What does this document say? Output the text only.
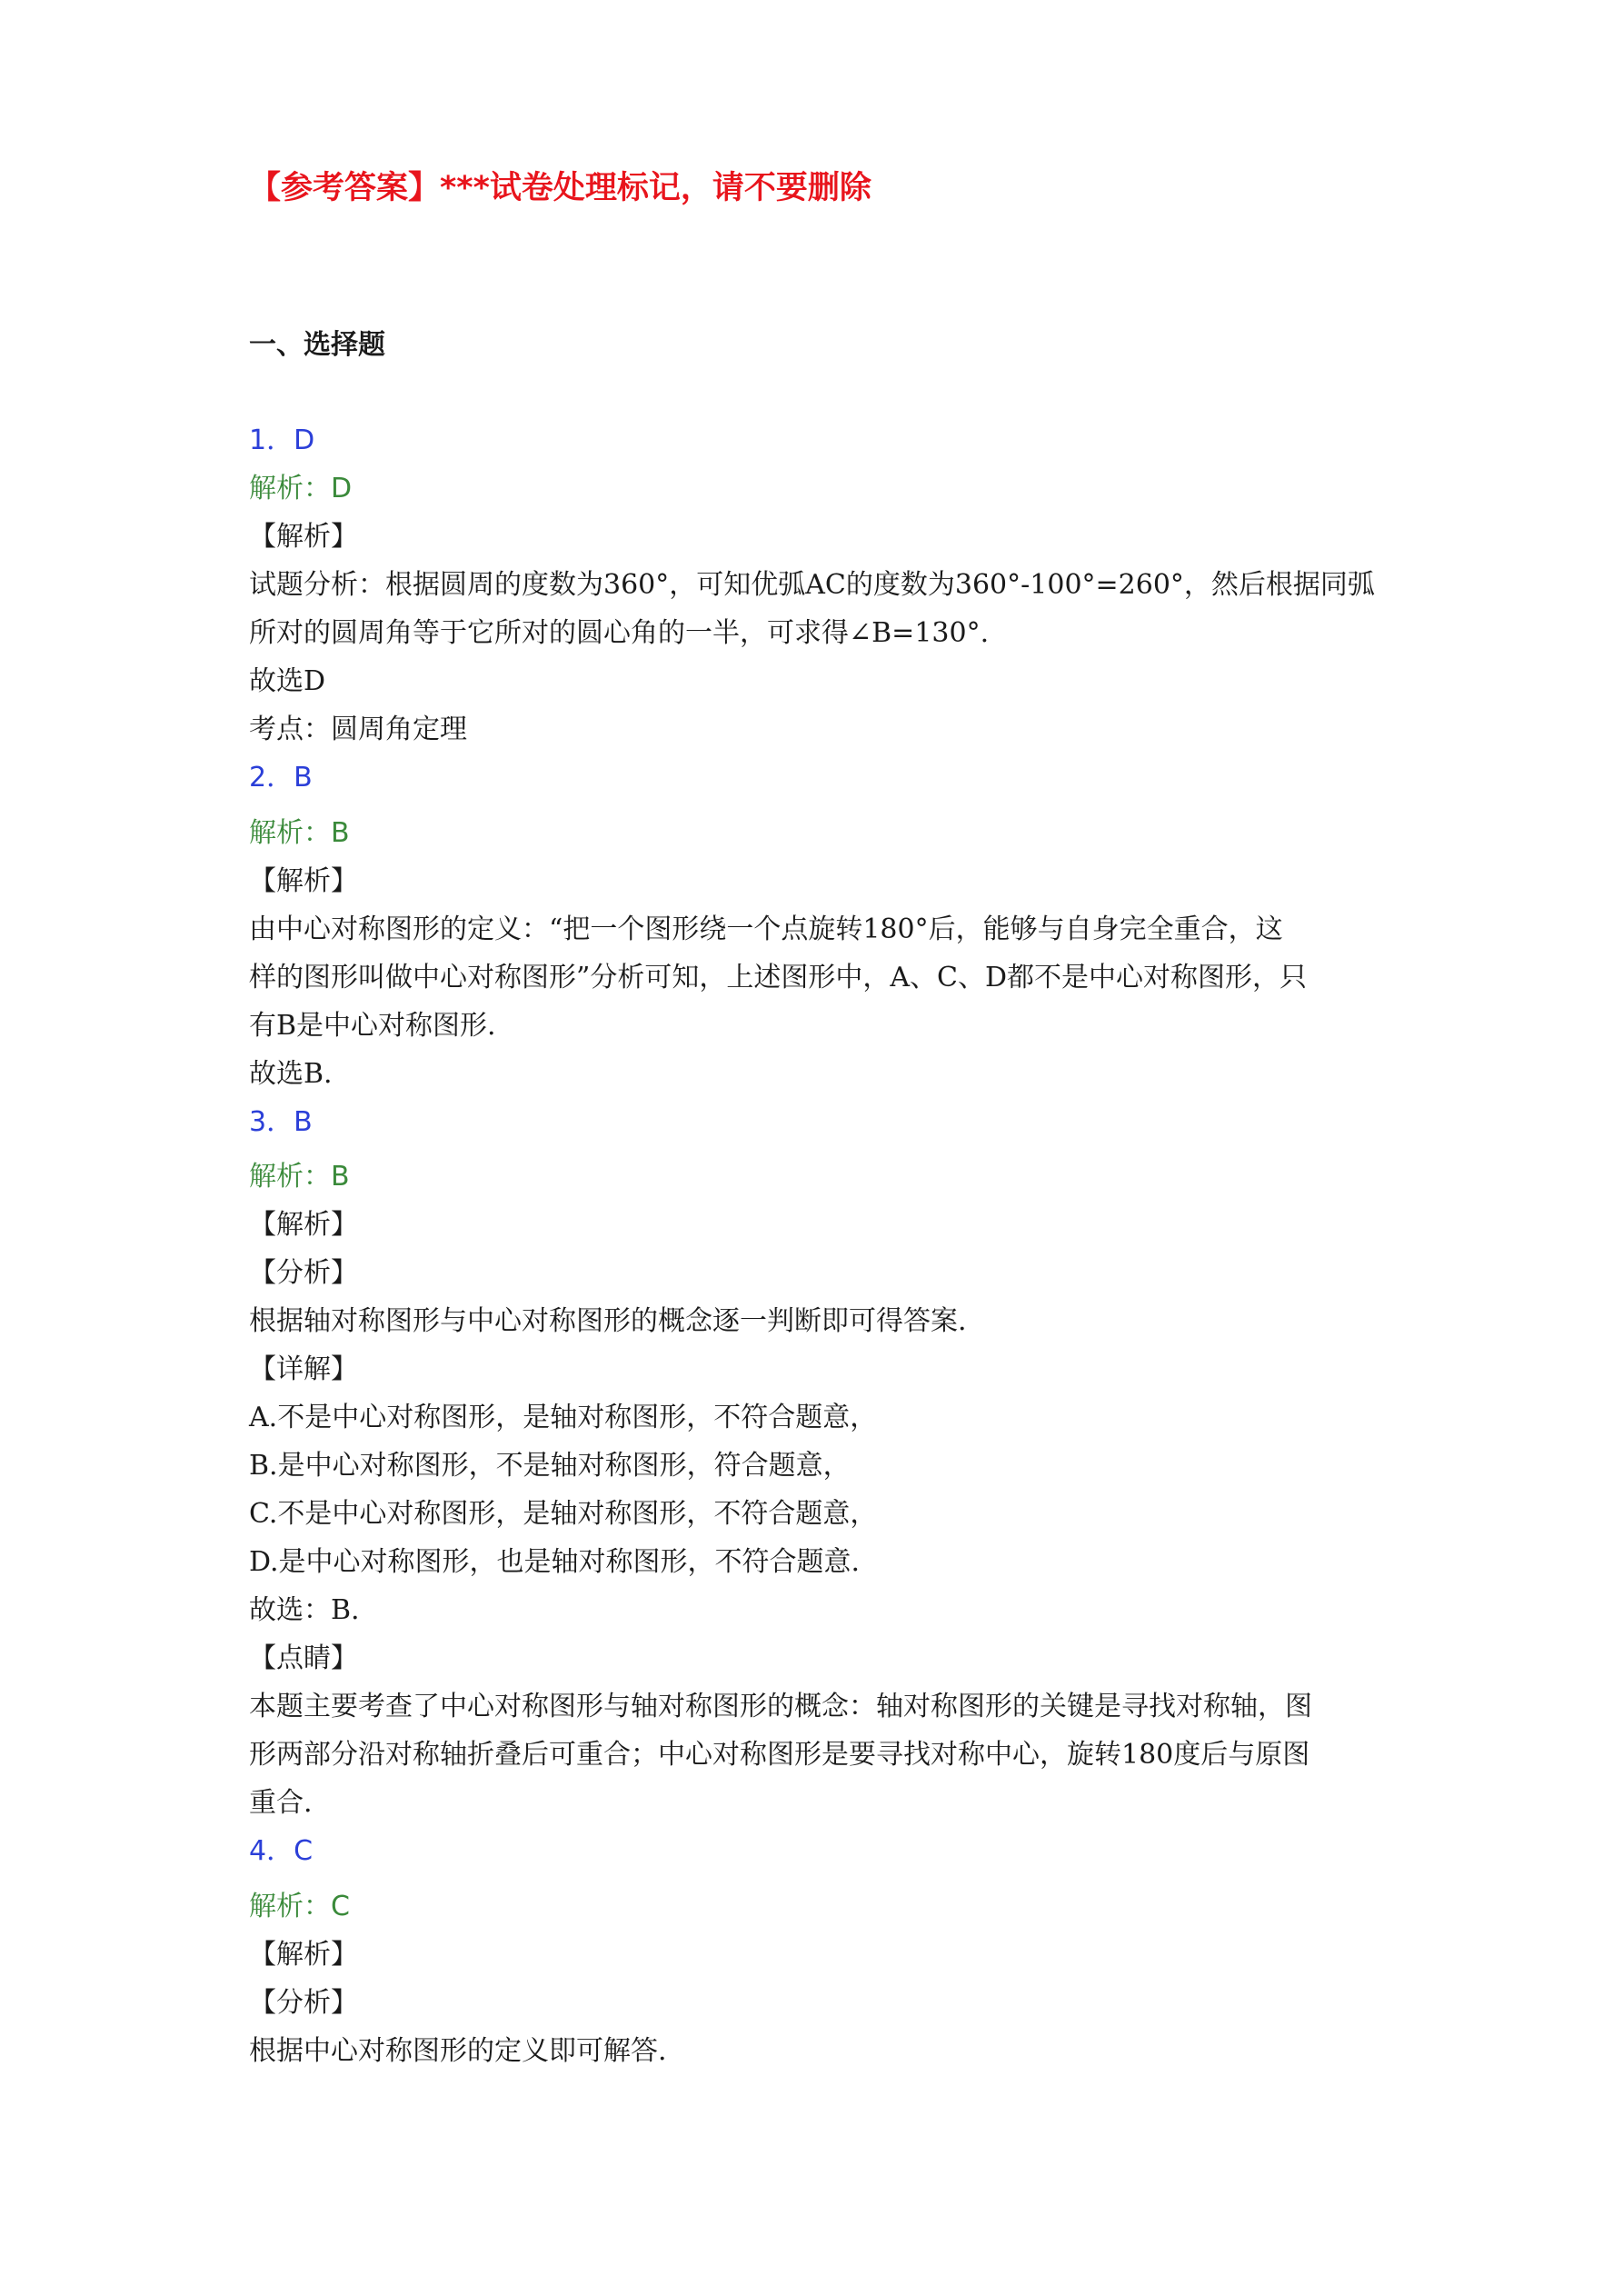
【参考答案】***试卷处理标记，请不要删除
一、选择题
1．D
解析：D
【解析】
试题分析：根据圆周的度数为360°，可知优弧AC的度数为360°-100°=260°，然后根据同弧
所对的圆周角等于它所对的圆心角的一半，可求得∠B=130°.
故选D
考点：圆周角定理
2．B
解析：B
【解析】
由中心对称图形的定义：“把一个图形绕一个点旋转180°后，能够与自身完全重合，这
样的图形叫做中心对称图形”分析可知，上述图形中，A、C、D都不是中心对称图形，只
有B是中心对称图形.
故选B.
3．B
解析：B
【解析】
【分析】
根据轴对称图形与中心对称图形的概念逐一判断即可得答案.
【详解】
A.不是中心对称图形，是轴对称图形，不符合题意，
B.是中心对称图形，不是轴对称图形，符合题意，
C.不是中心对称图形，是轴对称图形，不符合题意，
D.是中心对称图形，也是轴对称图形，不符合题意.
故选：B.
【点睛】
本题主要考查了中心对称图形与轴对称图形的概念：轴对称图形的关键是寻找对称轴，图
形两部分沿对称轴折叠后可重合；中心对称图形是要寻找对称中心，旋转180度后与原图
重合.
4．C
解析：C
【解析】
【分析】
根据中心对称图形的定义即可解答.
